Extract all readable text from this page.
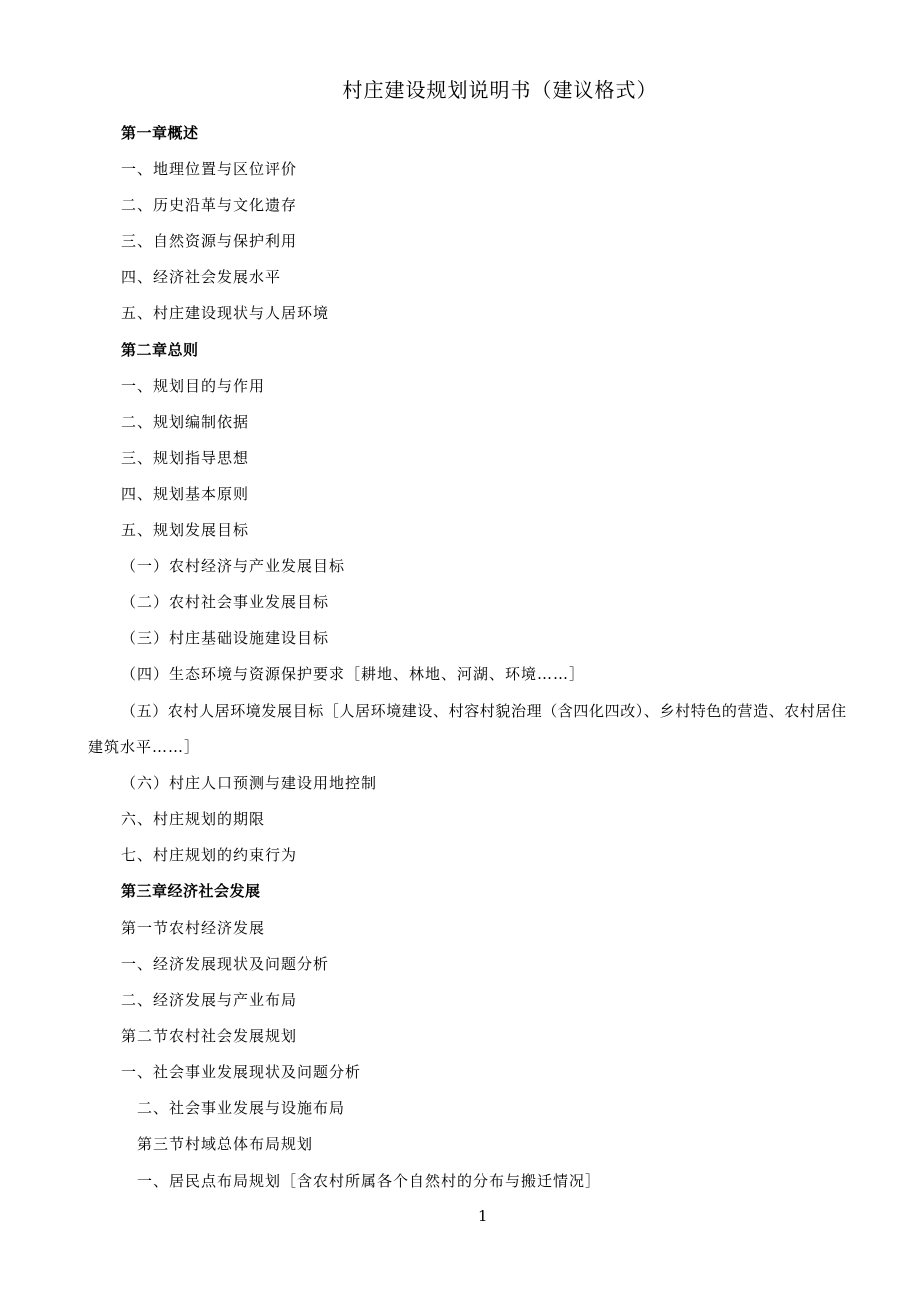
村庄建设规划说明书（建议格式）
第一章概述
一、地理位置与区位评价
二、历史沿革与文化遗存
三、自然资源与保护利用
四、经济社会发展水平
五、村庄建设现状与人居环境
第二章总则
一、规划目的与作用
二、规划编制依据
三、规划指导思想
四、规划基本原则
五、规划发展目标
（一）农村经济与产业发展目标
（二）农村社会事业发展目标
（三）村庄基础设施建设目标
（四）生态环境与资源保护要求［耕地、林地、河湖、环境……］
（五）农村人居环境发展目标［人居环境建设、村容村貌治理（含四化四改）、乡村特色的营造、农村居住
建筑水平……］
（六）村庄人口预测与建设用地控制
六、村庄规划的期限
七、村庄规划的约束行为
第三章经济社会发展
第一节农村经济发展
一、经济发展现状及问题分析
二、经济发展与产业布局
第二节农村社会发展规划
一、社会事业发展现状及问题分析
二、社会事业发展与设施布局
第三节村域总体布局规划
一、居民点布局规划［含农村所属各个自然村的分布与搬迁情况］
1
